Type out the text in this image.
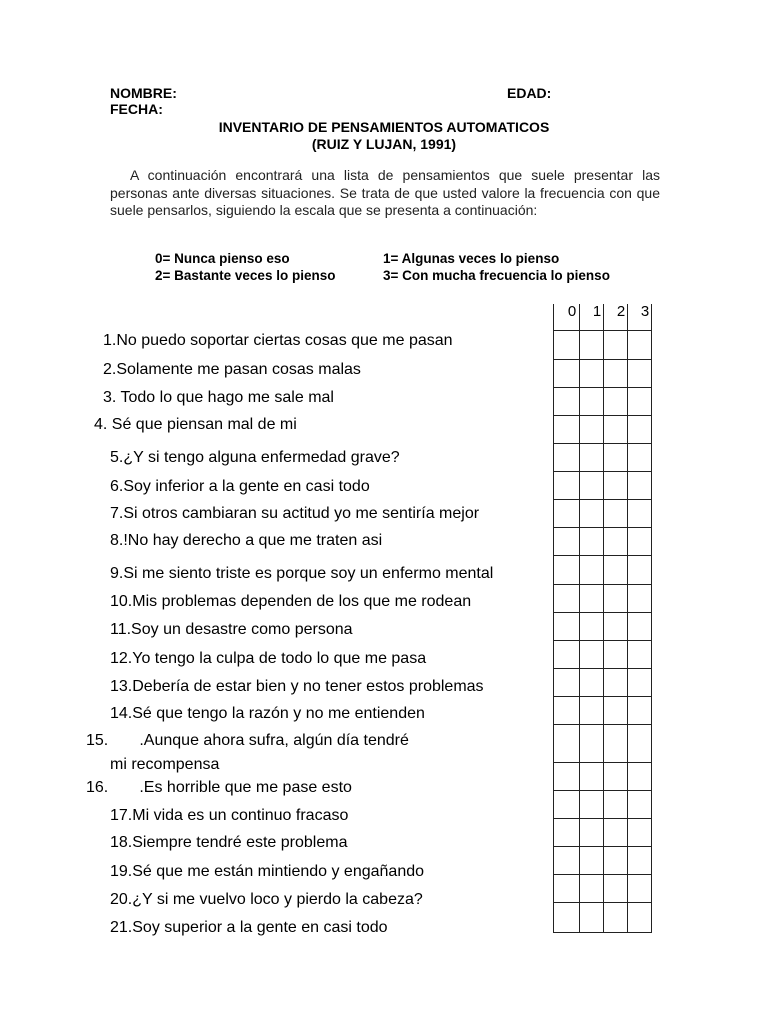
NOMBRE:	EDAD:
FECHA:
INVENTARIO DE PENSAMIENTOS AUTOMATICOS
(RUIZ Y LUJAN, 1991)

A continuación encontrará una lista de pensamientos que suele presentar las personas ante diversas situaciones. Se trata de que usted valore la frecuencia con que suele pensarlos, siguiendo la escala que se presenta a continuación:

0= Nunca pienso eso	1= Algunas veces lo pienso
2= Bastante veces lo pienso	3= Con mucha frecuencia lo pienso
0	1	2	3
1.No puedo soportar ciertas cosas que me pasan
2.Solamente me pasan cosas malas
3. Todo lo que hago me sale mal
4. Sé que piensan mal de mi
5.¿Y si tengo alguna enfermedad grave?
6.Soy inferior a la gente en casi todo
7.Si otros cambiaran su actitud yo me sentiría mejor
8.!No hay derecho a que me traten asi
9.Si me siento triste es porque soy un enfermo mental
10.Mis problemas dependen de los que me rodean
11.Soy un desastre como persona
12.Yo tengo la culpa de todo lo que me pasa
13.Debería de estar bien y no tener estos problemas
14.Sé que tengo la razón y no me entienden
15.       .Aunque ahora sufra, algún día tendré
mi recompensa
16.       .Es horrible que me pase esto
17.Mi vida es un continuo fracaso
18.Siempre tendré este problema
19.Sé que me están mintiendo y engañando
20.¿Y si me vuelvo loco y pierdo la cabeza?
21.Soy superior a la gente en casi todo
